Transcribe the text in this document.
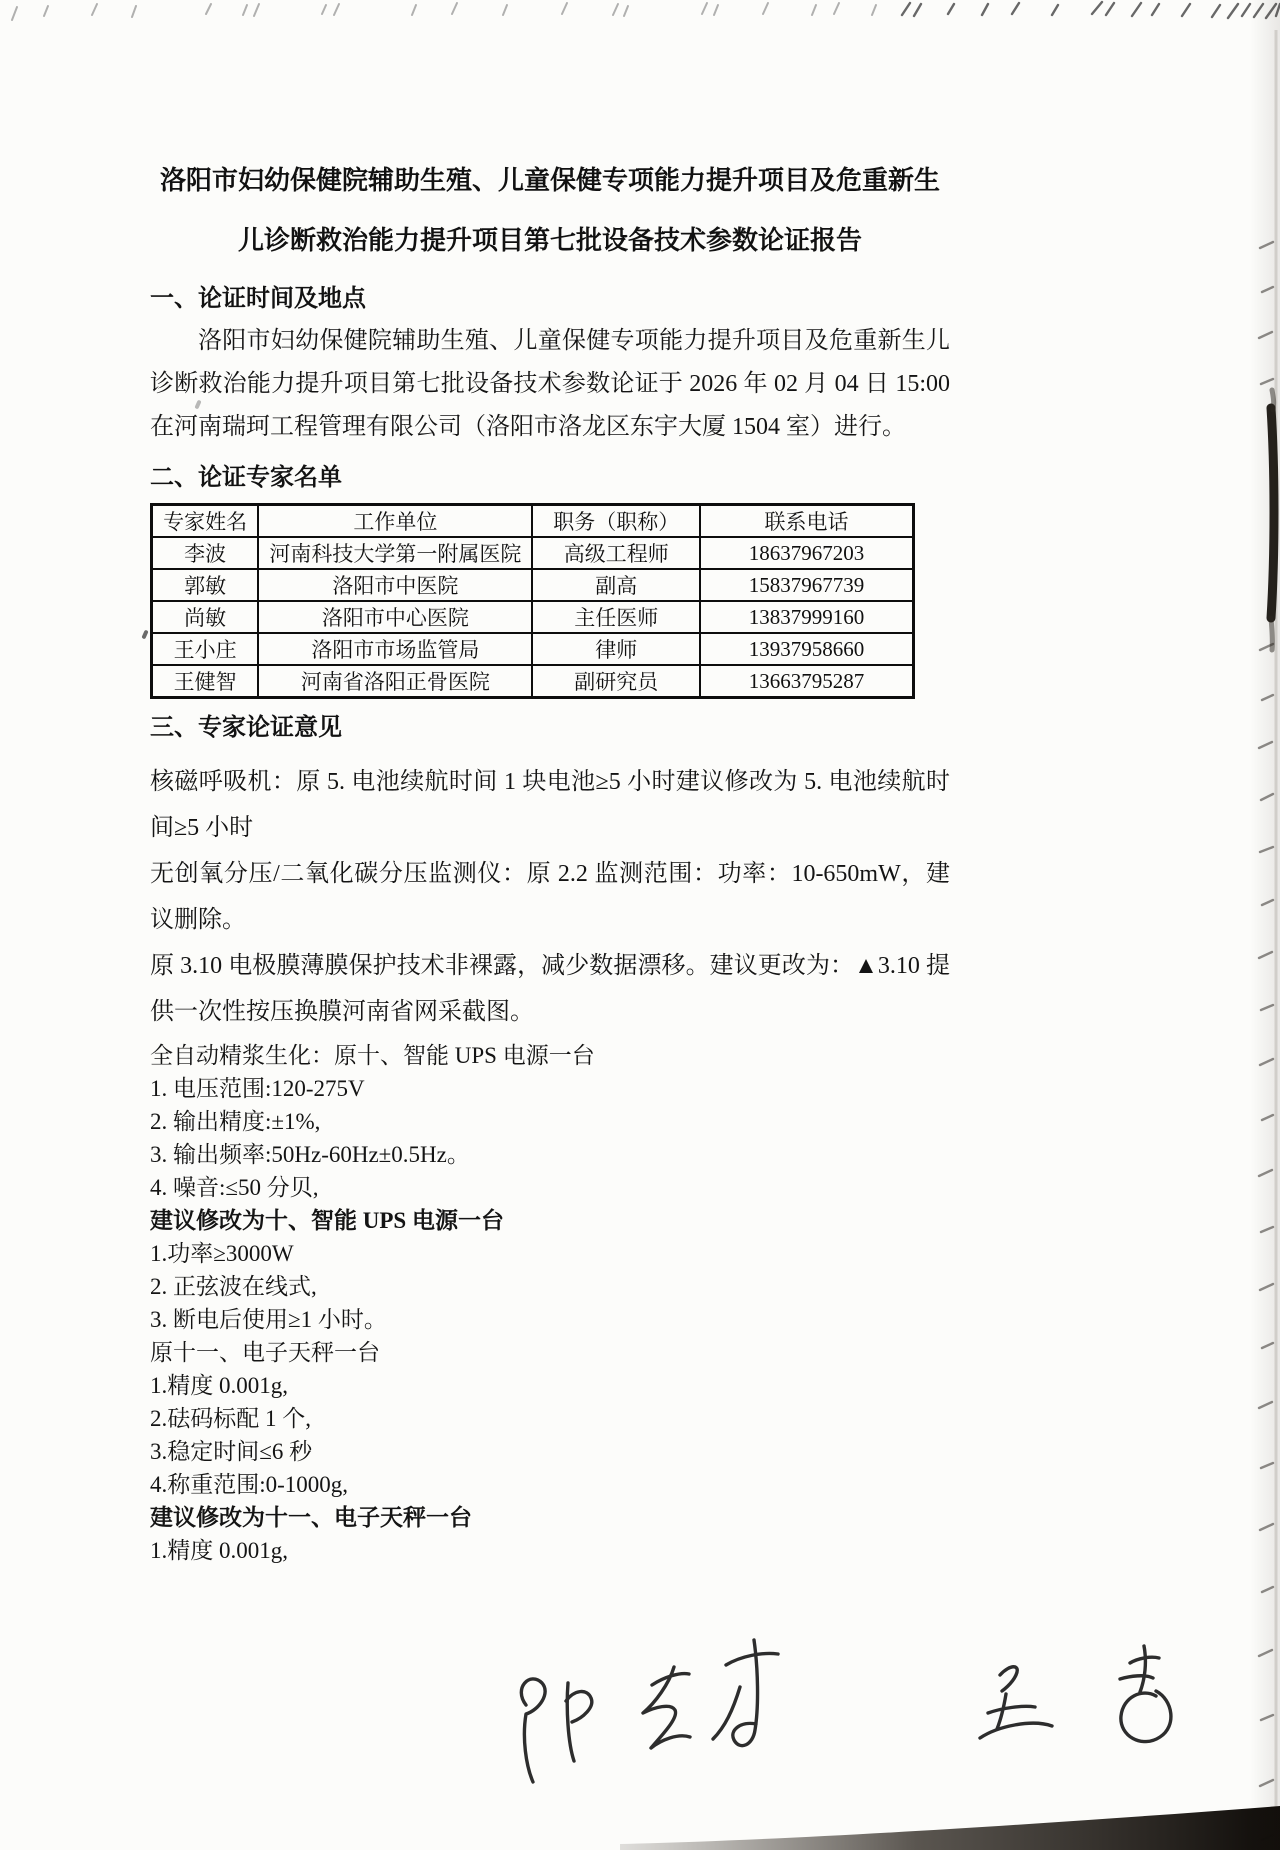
洛阳市妇幼保健院辅助生殖、儿童保健专项能力提升项目及危重新生
儿诊断救治能力提升项目第七批设备技术参数论证报告
一、论证时间及地点

洛阳市妇幼保健院辅助生殖、儿童保健专项能力提升项目及危重新生儿诊断救治能力提升项目第七批设备技术参数论证于 2026 年 02 月 04 日 15:00 在河南瑞珂工程管理有限公司（洛阳市洛龙区东宇大厦 1504 室）进行。

二、论证专家名单
专家姓名	工作单位	职务（职称）	联系电话
李波	河南科技大学第一附属医院	高级工程师	18637967203
郭敏	洛阳市中医院	副高	15837967739
尚敏	洛阳市中心医院	主任医师	13837999160
王小庄	洛阳市市场监管局	律师	13937958660
王健智	河南省洛阳正骨医院	副研究员	13663795287
三、专家论证意见

核磁呼吸机：原 5. 电池续航时间 1 块电池≥5 小时建议修改为 5. 电池续航时间≥5 小时

无创氧分压/二氧化碳分压监测仪：原 2.2 监测范围：功率：10-650mW，建议删除。

原 3.10 电极膜薄膜保护技术非裸露，减少数据漂移。建议更改为：▲3.10 提供一次性按压换膜河南省网采截图。

全自动精浆生化：原十、智能 UPS 电源一台
1. 电压范围:120-275V
2. 输出精度:±1%,
3. 输出频率:50Hz-60Hz±0.5Hz。
4. 噪音:≤50 分贝,
建议修改为十、智能 UPS 电源一台
1.功率≥3000W
2. 正弦波在线式,
3. 断电后使用≥1 小时。
原十一、电子天秤一台
1.精度 0.001g,
2.砝码标配 1 个,
3.稳定时间≤6 秒
4.称重范围:0-1000g,
建议修改为十一、电子天秤一台
1.精度 0.001g,
